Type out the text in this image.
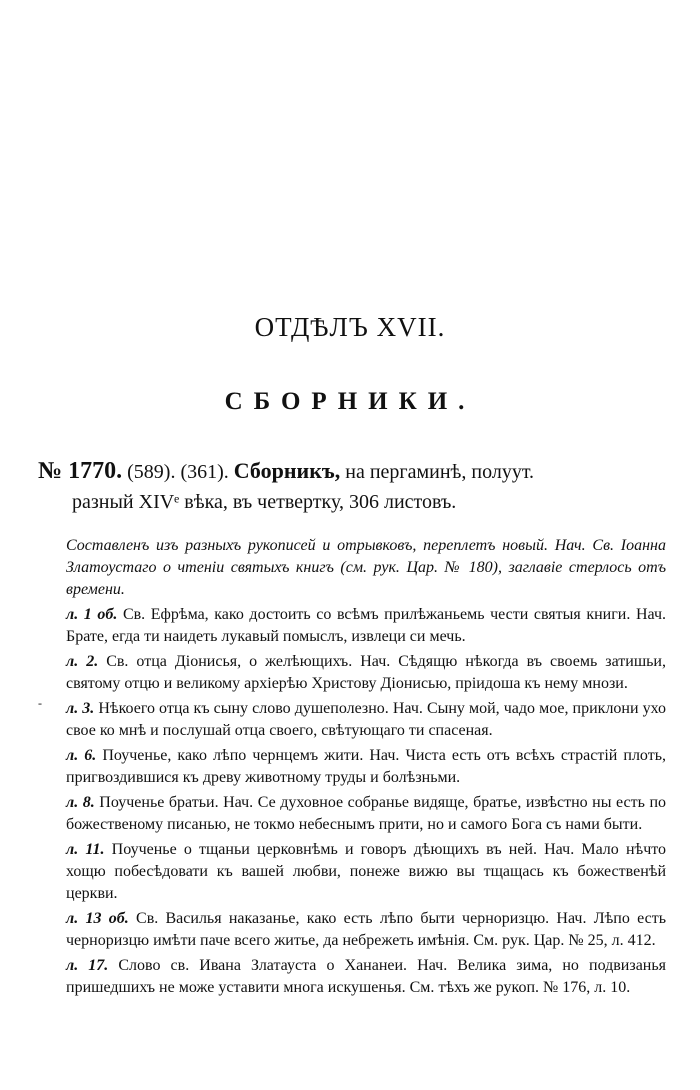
ОТДѢЛЪ XVII.
СБОРНИКИ.
№ 1770. (589). (361). Сборникъ, на пергаминѣ, полуут.
разный XIVᵉ вѣка, въ четвертку, 306 листовъ.
-

Составленъ изъ разныхъ рукописей и отрывковъ, переплетъ новый. Нач. Св. Іоанна Златоустаго о чтеніи святыхъ книгъ (см. рук. Цар. № 180), заглавіе стерлось отъ времени.

л. 1 об. Св. Ефрѣма, како достоить со всѣмъ прилѣжаньемь чести святыя книги. Нач. Брате, егда ти наидеть лукавый помыслъ, извлеци си мечь.

л. 2. Св. отца Діонисья, о желѣющихъ. Нач. Сѣдящю нѣкогда въ своемь затишьи, святому отцю и великому архіерѣю Христову Діонисью, пріидоша къ нему мнози.

л. 3. Нѣкоего отца къ сыну слово душеполезно. Нач. Сыну мой, чадо мое, приклони ухо свое ко мнѣ и послушай отца своего, свѣтующаго ти спасеная.

л. 6. Поученье, како лѣпо чернцемъ жити. Нач. Чиста есть отъ всѣхъ страстій плоть, пригвоздившися къ древу животному труды и болѣзньми.

л. 8. Поученье братьи. Нач. Се духовное собранье видяще, братье, извѣстно ны есть по божественому писанью, не токмо небеснымъ прити, но и самого Бога съ нами быти.

л. 11. Поученье о тщаньи церковнѣмь и говоръ дѣющихъ въ ней. Нач. Мало нѣчто хощю побесѣдовати къ вашей любви, понеже вижю вы тщащась къ божественѣй церкви.

л. 13 об. Св. Василья наказанье, како есть лѣпо быти черноризцю. Нач. Лѣпо есть черноризцю имѣти паче всего житье, да небрежеть имѣнія. См. рук. Цар. № 25, л. 412.

л. 17. Слово св. Ивана Златауста о Хананеи. Нач. Велика зима, но подвизанья пришедшихъ не може уставити многа искушенья. См. тѣхъ же рукоп. № 176, л. 10.
